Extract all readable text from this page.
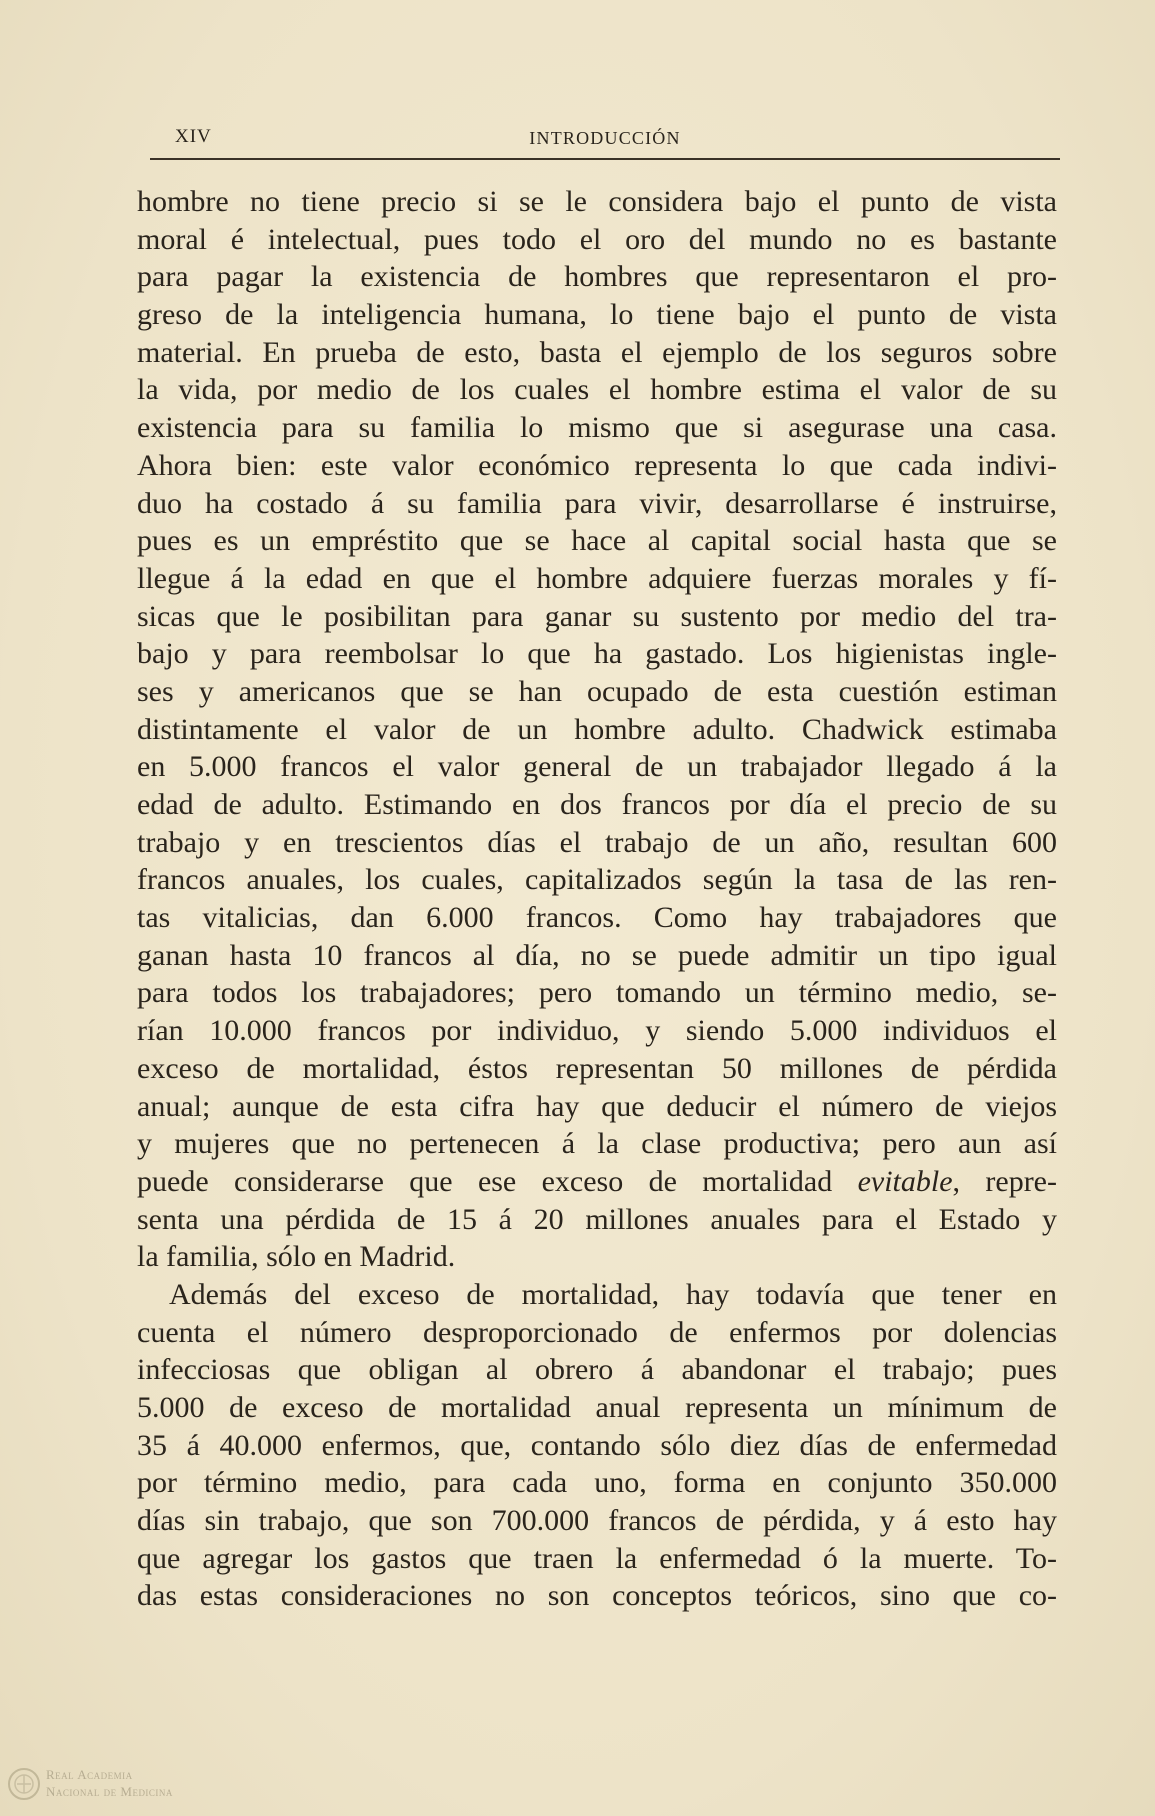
XIV	INTRODUCCIÓN
hombre no tiene precio si se le considera bajo el punto de vista
moral é intelectual, pues todo el oro del mundo no es bastante
para pagar la existencia de hombres que representaron el pro-
greso de la inteligencia humana, lo tiene bajo el punto de vista
material. En prueba de esto, basta el ejemplo de los seguros sobre
la vida, por medio de los cuales el hombre estima el valor de su
existencia para su familia lo mismo que si asegurase una casa.
Ahora bien: este valor económico representa lo que cada indivi-
duo ha costado á su familia para vivir, desarrollarse é instruirse,
pues es un empréstito que se hace al capital social hasta que se
llegue á la edad en que el hombre adquiere fuerzas morales y fí-
sicas que le posibilitan para ganar su sustento por medio del tra-
bajo y para reembolsar lo que ha gastado. Los higienistas ingle-
ses y americanos que se han ocupado de esta cuestión estiman
distintamente el valor de un hombre adulto. Chadwick estimaba
en 5.000 francos el valor general de un trabajador llegado á la
edad de adulto. Estimando en dos francos por día el precio de su
trabajo y en trescientos días el trabajo de un año, resultan 600
francos anuales, los cuales, capitalizados según la tasa de las ren-
tas vitalicias, dan 6.000 francos. Como hay trabajadores que
ganan hasta 10 francos al día, no se puede admitir un tipo igual
para todos los trabajadores; pero tomando un término medio, se-
rían 10.000 francos por individuo, y siendo 5.000 individuos el
exceso de mortalidad, éstos representan 50 millones de pérdida
anual; aunque de esta cifra hay que deducir el número de viejos
y mujeres que no pertenecen á la clase productiva; pero aun así
puede considerarse que ese exceso de mortalidad evitable, repre-
senta una pérdida de 15 á 20 millones anuales para el Estado y
la familia, sólo en Madrid.
Además del exceso de mortalidad, hay todavía que tener en
cuenta el número desproporcionado de enfermos por dolencias
infecciosas que obligan al obrero á abandonar el trabajo; pues
5.000 de exceso de mortalidad anual representa un mínimum de
35 á 40.000 enfermos, que, contando sólo diez días de enfermedad
por término medio, para cada uno, forma en conjunto 350.000
días sin trabajo, que son 700.000 francos de pérdida, y á esto hay
que agregar los gastos que traen la enfermedad ó la muerte. To-
das estas consideraciones no son conceptos teóricos, sino que co-
Real Academia
Nacional de Medicina
